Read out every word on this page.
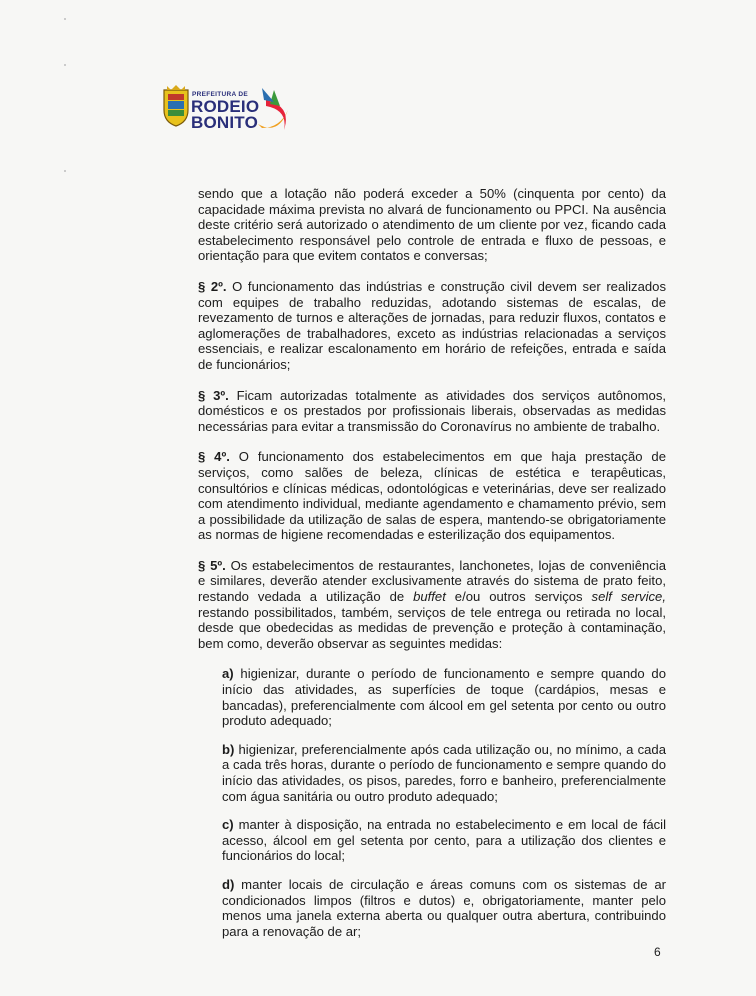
PREFEITURA DE
RODEIO
BONITO

sendo que a lotação não poderá exceder a 50% (cinquenta por cento) da capacidade máxima prevista no alvará de funcionamento ou PPCI. Na ausência deste critério será autorizado o atendimento de um cliente por vez, ficando cada estabelecimento responsável pelo controle de entrada e fluxo de pessoas, e orientação para que evitem contatos e conversas;

§ 2º. O funcionamento das indústrias e construção civil devem ser realizados com equipes de trabalho reduzidas, adotando sistemas de escalas, de revezamento de turnos e alterações de jornadas, para reduzir fluxos, contatos e aglomerações de trabalhadores, exceto as indústrias relacionadas a serviços essenciais, e realizar escalonamento em horário de refeições, entrada e saída de funcionários;

§ 3º. Ficam autorizadas totalmente as atividades dos serviços autônomos, domésticos e os prestados por profissionais liberais, observadas as medidas necessárias para evitar a transmissão do Coronavírus no ambiente de trabalho.

§ 4º. O funcionamento dos estabelecimentos em que haja prestação de serviços, como salões de beleza, clínicas de estética e terapêuticas, consultórios e clínicas médicas, odontológicas e veterinárias, deve ser realizado com atendimento individual, mediante agendamento e chamamento prévio, sem a possibilidade da utilização de salas de espera, mantendo-se obrigatoriamente as normas de higiene recomendadas e esterilização dos equipamentos.

§ 5º. Os estabelecimentos de restaurantes, lanchonetes, lojas de conveniência e similares, deverão atender exclusivamente através do sistema de prato feito, restando vedada a utilização de buffet e/ou outros serviços self service, restando possibilitados, também, serviços de tele entrega ou retirada no local, desde que obedecidas as medidas de prevenção e proteção à contaminação, bem como, deverão observar as seguintes medidas:

a) higienizar, durante o período de funcionamento e sempre quando do início das atividades, as superfícies de toque (cardápios, mesas e bancadas), preferencialmente com álcool em gel setenta por cento ou outro produto adequado;

b) higienizar, preferencialmente após cada utilização ou, no mínimo, a cada a cada três horas, durante o período de funcionamento e sempre quando do início das atividades, os pisos, paredes, forro e banheiro, preferencialmente com água sanitária ou outro produto adequado;

c) manter à disposição, na entrada no estabelecimento e em local de fácil acesso, álcool em gel setenta por cento, para a utilização dos clientes e funcionários do local;

d) manter locais de circulação e áreas comuns com os sistemas de ar condicionados limpos (filtros e dutos) e, obrigatoriamente, manter pelo menos uma janela externa aberta ou qualquer outra abertura, contribuindo para a renovação de ar;

6
